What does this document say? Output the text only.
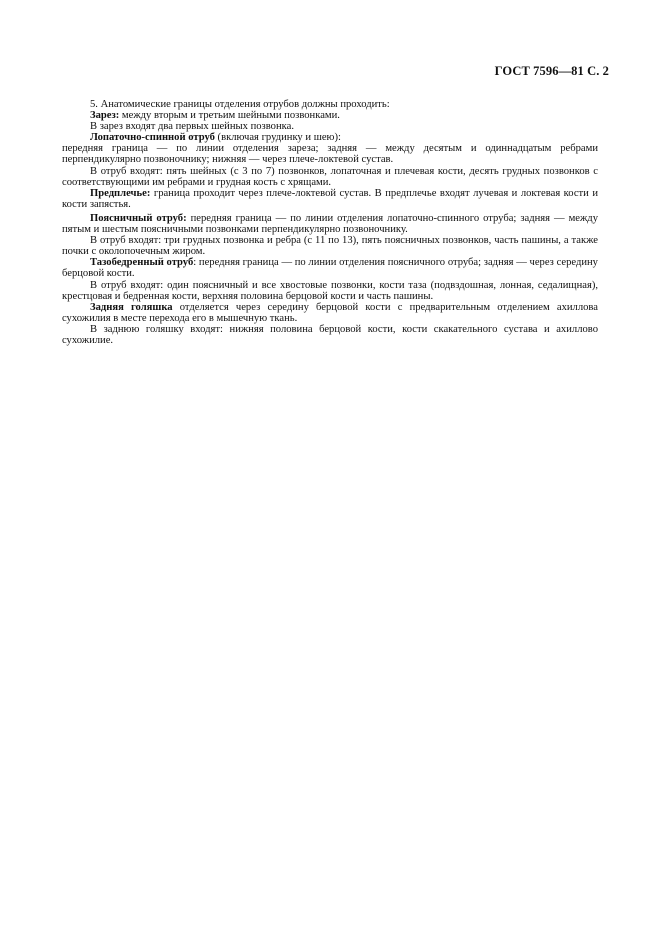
ГОСТ 7596—81 С. 2

5. Анатомические границы отделения отрубов должны проходить:

Зарез: между вторым и третьим шейными позвонками.

В зарез входят два первых шейных позвонка.

Лопаточно-спинной отруб (включая грудинку и шею):

передняя граница — по линии отделения зареза; задняя — между десятым и одиннадцатым ребрами перпендикулярно позвоночнику; нижняя — через плече-локтевой сустав.

В отруб входят: пять шейных (с 3 по 7) позвонков, лопаточная и плечевая кости, десять грудных позвонков с соответствующими им ребрами и грудная кость с хрящами.

Предплечье: граница проходит через плече-локтевой сустав. В предплечье входят лучевая и локтевая кости и кости запястья.

Поясничный отруб: передняя граница — по линии отделения лопаточно-спинного отруба; задняя — между пятым и шестым поясничными позвонками перпендикулярно позвоночнику.

В отруб входят: три грудных позвонка и ребра (с 11 по 13), пять поясничных позвонков, часть пашины, а также почки с околопочечным жиром.

Тазобедренный отруб: передняя граница — по линии отделения поясничного отруба; задняя — через середину берцовой кости.

В отруб входят: один поясничный и все хвостовые позвонки, кости таза (подвздошная, лонная, седалищная), крестцовая и бедренная кости, верхняя половина берцовой кости и часть пашины.

Задняя голяшка отделяется через середину берцовой кости с предварительным отделением ахиллова сухожилия в месте перехода его в мышечную ткань.

В заднюю голяшку входят: нижняя половина берцовой кости, кости скакательного сустава и ахиллово сухожилие.
